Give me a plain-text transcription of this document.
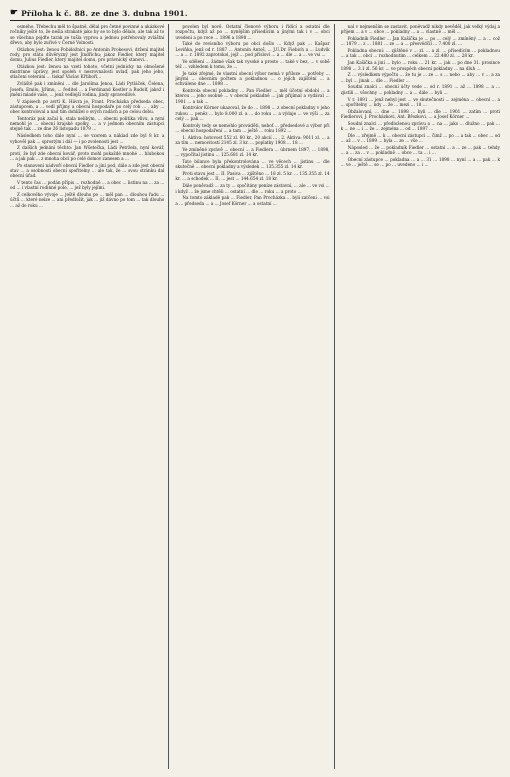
☛ Příloha k č. 88. ze dne 3. dubna 1901.

osmého. Třebechu měl to špatně, dělal pro četné povinné a ukázkové ročníky ještě to, že nešla strakaté jako by se to bylo dělalo, ale tak až to se všechna pojďte tarak ze tušla vyprou a jednou potřebovaly zvláštní dřevo, aby bylo zuřivé v Černé Volnosti.

Otázkou jest: ženou Pobidožnicí po Antonín Prokesovi, držení majitel rody, pro státu důvěryzný jest Jindřichu; jakoz Fiedler, který majitel domu, Julius Fiedler, který majitel domu, pro právnický stanovi...

Otázkou jest: ženou na vzetí tohoto, včetní jednicky na obnošené mistrinne úprávy, jest spoleh v nesrovnalosti uvlaď, pak jeho jeho, stlačení veteráni ... tiskař Václav Křtiboří...

Zvláště pak i zmíněni ... dle Jarolíma Jenoa, Ládi Pytláček, Čelena, Josefu, Emilu, Jiřímu, ... ředitel ... a Ferdinand Kestler a Rudolf, jakož i jmění mladé vaše, ... jenž vedlejší rodina, jindy spravedlivé.

V zápisech po avrtí K. Hávra je, Frant. Procházka předseda obec, zástupcem, a ... vedl příjmy a obecní hospodaře po celý rok ... , aby ... obec kontroloval a nad tím dohlížel o svých radách a po celou dobu.

Tentoráz pak začal k, stala nelibým, ... obecni politika vlivu, a nyní nemohl je ... obecní krajské spolky, ... a v jednom obecním zástupci stejně tak ... ze dne 26 listopadu 1879 ...

Následkem toho dále nyní ... se vzorem a náklad zde byl 8 kr. a vyhověl pak ... sprostým i dál — i po zvolenosti jest ...

Z dalších jednání těchto: Jan Wšetečka, Ládi Petržela, nyní kovář, proti, že byl zde obecní kovář, proto mohl pokaždé mnohé ... hlubokou ... a jak pak ... z mnoha obcí po celé domov zanesen a ...

Po stanovení nádvoří obecní Fiedler a jiní pod, dále a zde jest obecní stav ... a osobnosti obecní spořitelny ... ale tak, že ... svou stránku dal obecní úřad.

V tento čas ... podán přípis ... rozhodně ... a obec ... listinu na ... za ... od ... i vlastní rodinné pole, ... jež byly jejími.

Z celkového vývoje ... ještě dlouho po ... měl pan ... dlouhou řadu ... účtů ... které nelze ... ani předložit, jak ... již dávno po tom ... tak dlouho ... až do roku ...

povolen byl nově. Ostatní členové výboru i řídící a ostatní dle rozpočtu, když až po ... nynějším přísedícím a jinými tak i v ... obci uvedeni a po roce ... 1896 a 1898 ...

Také do revisního výboru po obci došlo ... Když pak ... Kašpar Leviňka, jenž od r. 1887 ... Antonín Antoš, ... J.U.Dr. Fiebich a ... Ludvík ... a ... r. 1892 zaprotokol, jejž ... pod přísloví ... a ... dle ... a ... ve vsi ...

Ve sdělení ... žádné však tak vysoké a prosto ... také v bez, ... v sobě též ... vzhledem k tomu, že ...

Je také zřejmé, že vlastní obecní výbor nemá v příloze ... potřeby ... jinými ... obecním počtem a pokladnou ... o jejich zajištění ... a schváleno dne ... 1898 ...

Kontrola obecní pokladny ... Pan Fiedler ... měl účetní období ... a kterou ... jeho osobně ... v obecní pokladně ... jak přijímal a vydával ... 1901 ... a tak ...

Kontrolor Körner ukazoval, že do ... 1898 ... z obecní pokladny v jeho rukou ... peněz ... bylo 8.000 zl. a ... do roku ... a výdaje ... ve výši ... za celý ... pak ...

Kontroly tedy se nemohlo prováděti, neboť ... předsedové a výbor při ... obecní hospodaření ... a tam ... ještě ... roku 1892 ...

1. Aktiva: hotovost 552 zl. 60 kr., 20 akcií ... , 2. Aktiva: 9011 zl. ... a za tím ... nemovitostí 2145 zl. 3 kr. ... poplatky 1908 ... 18 ...

Ve zmíněné zprávě ... obecní ... a Fiedlera ... úhrnem 1897, ... 1898, ... vypočítal jistinu ... 125.681 zl. 14 kr.

Tato bilance byla překontrolována ... ve věcech ... jistinu ... dle skutečně ... obecní pokladny a výsledek ... 135.355 zl. 14 kr.

Proti stavu jest ... II. Pasiva ... zjištěno ... 18 zl. 5 kr. ... 135.355 zl. 14 kr. ... a schodek ... II. ... jest ... 144.654 zl. 18 kr.

Dále poněvadž ... za ty ... spočítány peníze zástavní, ... ale ... ve vsi ... i když ... že jsme chtěli ... ostatní ... dle ... roku ... a proto ...

Na tomto základě pak ... Fiedler, Pan Procházka ... byli zatčeni ... vsi a ... předseda ... a ... Josef Körner ... a ostatní ...

nal v nejmenším se zastavit, poněvadž nikdy nevěděl, jak velký výdaj a příjem ... a v ... obce ... pokladny ... a ... vlastně ... měl ...

Pokladník Fiedler ... Jan Kašička je ... po ... celý ... zmíněný ... a ... což ... 1879 ... z ... 1881 ... ze ... a ... přesvědčil ... 7.400 zl. ...

Pokladna obecní: ... zjištěné v ... zl. ... a zl. ... přísedícím ... pokladnou ... a tak ... obcí ... rozhodnutím ... celkem ... 22.480 zl. ... 28 kr.

Jan Kašička a jiní ... bylo ... roku ... 21 kr. ... jak ... po dne 31. prosince 1898 ... 3.1 zl. 56 kr. ... ve prospěch obecní pokladny ... na dluh ...

Z ... výsledkem výpočtu ... že tu je ... ze ... s ... nebo ... aby ... v ... a za ... byl ... jinak ... dle ... Fiedler ...

Soudní znalci ... obecní účty vede ... od r. 1891 ... až ... 1898 ... a ... zjistili ... všechny ... pokladny ... a ... dále ... byli ...

V r. 1891 ... jenž nebyl jest ... ve skutečnosti ... zejména ... obecní ... a ... spořitelny ... kdy ... že ... mezi ... 18 ...

Obžalovaní, ... dne ... 1898 ... byli ... dle ... 1901 ... zatím ... proti Fiedlerovi, J. Procházkovi, Ant. Březkovi, ... a Josef Körner ...

Soudní znalci ... předloženou zprávu a ... na ... jako ... dlužno ... pak ... k ... ne ... i ... že ... zejména ... od ... 1897 ...

Dle ... zřejmě ... k ... obecní zástupci ... čímž ... po ... a tak ... obec ... od ... až ... v ... 1899 ... byla ... ze ... vše ...

Náposled ... že ... pokladník Fiedler ... ostatní ... a ... ze ... pak ... tehdy ... a ... za ... v ... pokladně ... obce ... ta ... i ...

Obecní zástupce ... pokladna ... a ... 31 ... 1898 ... nyní ... a ... pak ... k ... ve ... ještě ... se ... po ... uvedeno ... i ...
